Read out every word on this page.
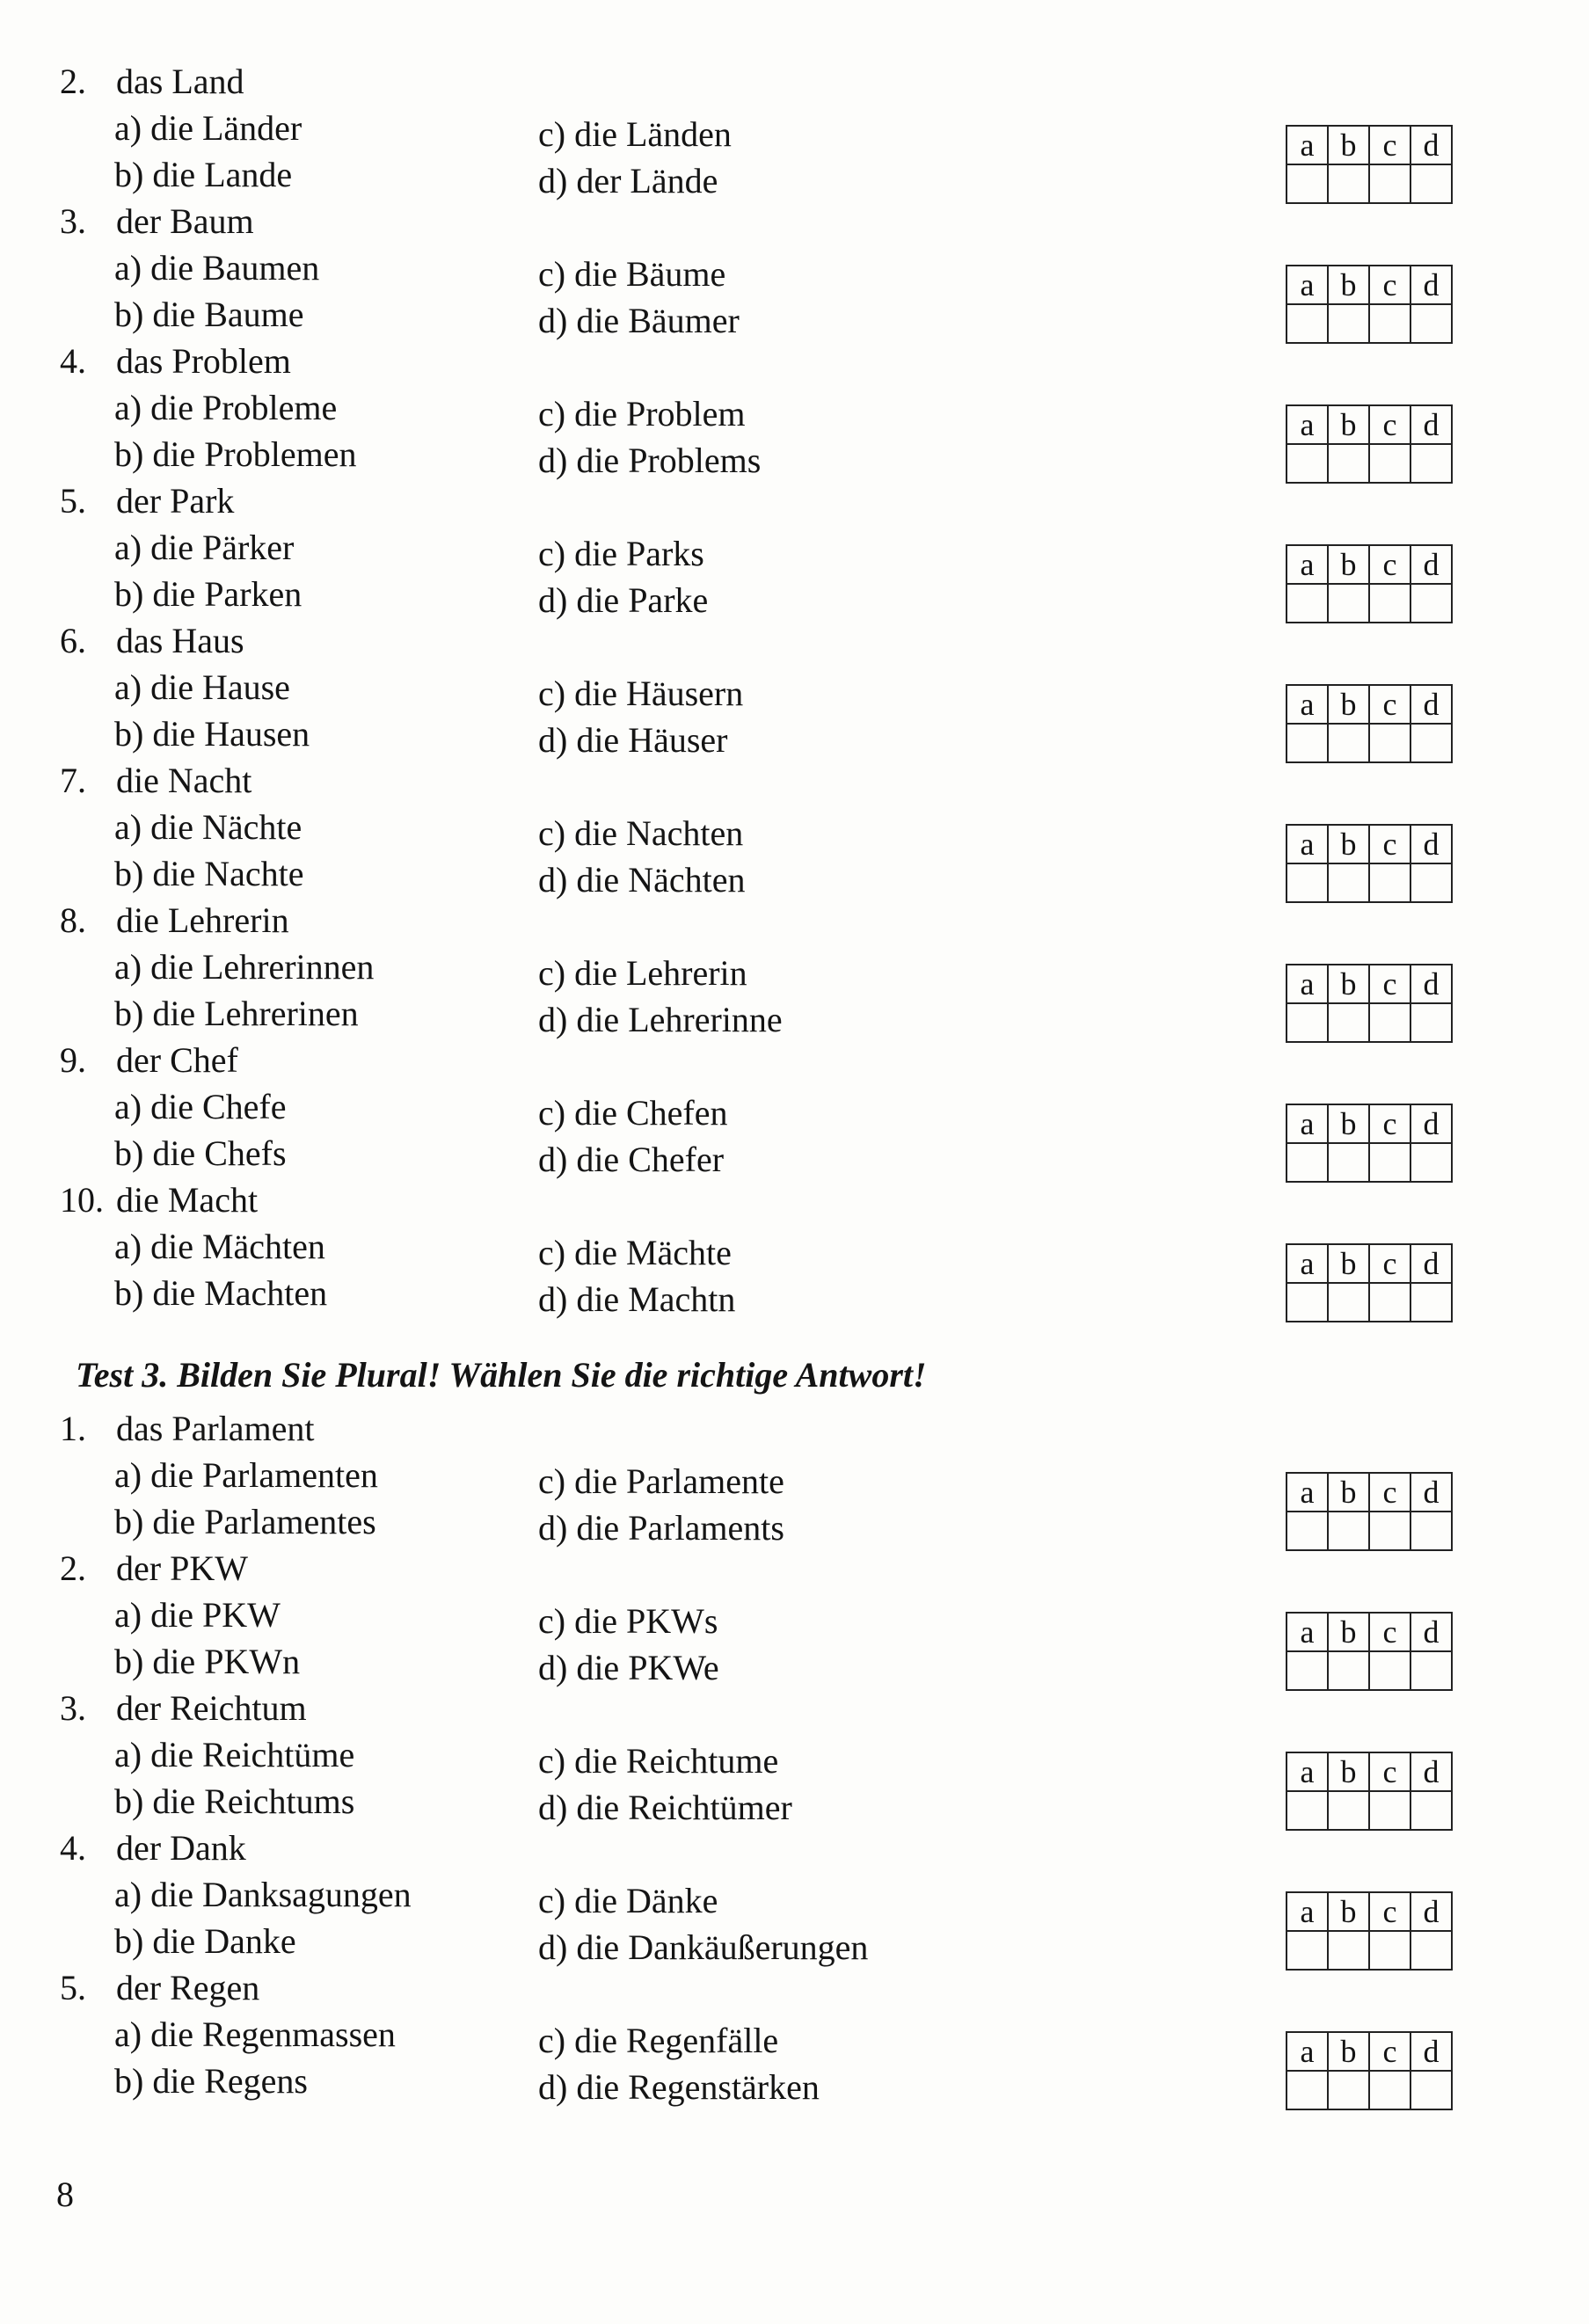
2. das Land
a) die Länder
b) die Lande
c) die Länden
d) der Lände
a	b	c	d

3. der Baum
a) die Baumen
b) die Baume
c) die Bäume
d) die Bäumer
a	b	c	d

4. das Problem
a) die Probleme
b) die Problemen
c) die Problem
d) die Problems
a	b	c	d

5. der Park
a) die Pärker
b) die Parken
c) die Parks
d) die Parke
a	b	c	d

6. das Haus
a) die Hause
b) die Hausen
c) die Häusern
d) die Häuser
a	b	c	d

7. die Nacht
a) die Nächte
b) die Nachte
c) die Nachten
d) die Nächten
a	b	c	d

8. die Lehrerin
a) die Lehrerinnen
b) die Lehrerinen
c) die Lehrerin
d) die Lehrerinne
a	b	c	d

9. der Chef
a) die Chefe
b) die Chefs
c) die Chefen
d) die Chefer
a	b	c	d

10. die Macht
a) die Mächten
b) die Machten
c) die Mächte
d) die Machtn
a	b	c	d

Test 3. Bilden Sie Plural! Wählen Sie die richtige Antwort!
1. das Parlament
a) die Parlamenten
b) die Parlamentes
c) die Parlamente
d) die Parlaments
a	b	c	d

2. der PKW
a) die PKW
b) die PKWn
c) die PKWs
d) die PKWe
a	b	c	d

3. der Reichtum
a) die Reichtüme
b) die Reichtums
c) die Reichtume
d) die Reichtümer
a	b	c	d

4. der Dank
a) die Danksagungen
b) die Danke
c) die Dänke
d) die Dankäußerungen
a	b	c	d

5. der Regen
a) die Regenmassen
b) die Regens
c) die Regenfälle
d) die Regenstärken
a	b	c	d

8
